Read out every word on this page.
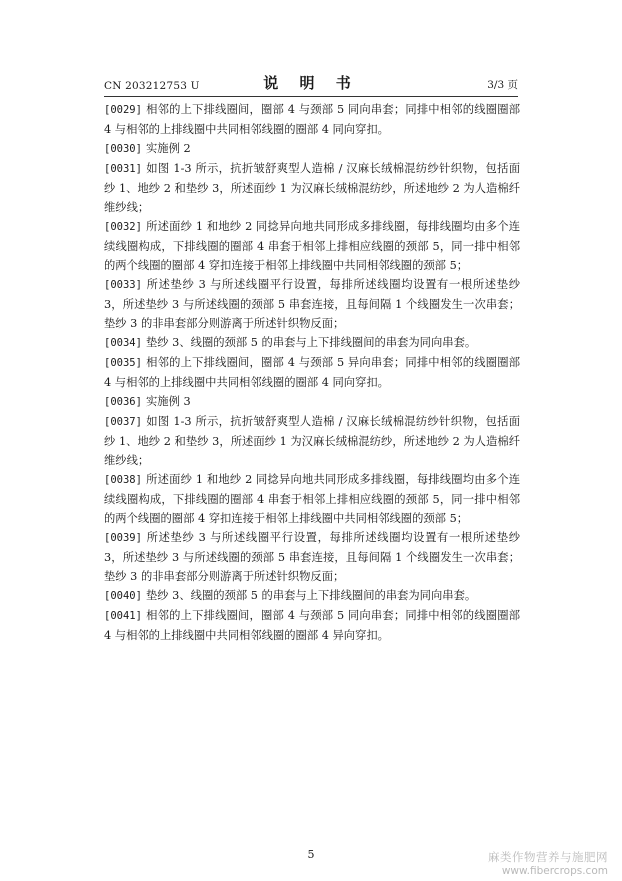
CN 203212753 U	说 明 书	3/3 页

[0029] 相邻的上下排线圈间，圈部 4 与颈部 5 同向串套；同排中相邻的线圈圈部 4 与相邻的上排线圈中共同相邻线圈的圈部 4 同向穿扣。

[0030] 实施例 2

[0031] 如图 1-3 所示，抗折皱舒爽型人造棉 / 汉麻长绒棉混纺纱针织物，包括面纱 1、地纱 2 和垫纱 3，所述面纱 1 为汉麻长绒棉混纺纱，所述地纱 2 为人造棉纤维纱线；

[0032] 所述面纱 1 和地纱 2 同捻异向地共同形成多排线圈，每排线圈均由多个连续线圈构成，下排线圈的圈部 4 串套于相邻上排相应线圈的颈部 5，同一排中相邻的两个线圈的圈部 4 穿扣连接于相邻上排线圈中共同相邻线圈的颈部 5；

[0033] 所述垫纱 3 与所述线圈平行设置，每排所述线圈均设置有一根所述垫纱 3，所述垫纱 3 与所述线圈的颈部 5 串套连接，且每间隔 1 个线圈发生一次串套；垫纱 3 的非串套部分则游离于所述针织物反面；

[0034] 垫纱 3、线圈的颈部 5 的串套与上下排线圈间的串套为同向串套。

[0035] 相邻的上下排线圈间，圈部 4 与颈部 5 异向串套；同排中相邻的线圈圈部 4 与相邻的上排线圈中共同相邻线圈的圈部 4 同向穿扣。

[0036] 实施例 3

[0037] 如图 1-3 所示，抗折皱舒爽型人造棉 / 汉麻长绒棉混纺纱针织物，包括面纱 1、地纱 2 和垫纱 3，所述面纱 1 为汉麻长绒棉混纺纱，所述地纱 2 为人造棉纤维纱线；

[0038] 所述面纱 1 和地纱 2 同捻异向地共同形成多排线圈，每排线圈均由多个连续线圈构成，下排线圈的圈部 4 串套于相邻上排相应线圈的颈部 5，同一排中相邻的两个线圈的圈部 4 穿扣连接于相邻上排线圈中共同相邻线圈的颈部 5；

[0039] 所述垫纱 3 与所述线圈平行设置，每排所述线圈均设置有一根所述垫纱 3，所述垫纱 3 与所述线圈的颈部 5 串套连接，且每间隔 1 个线圈发生一次串套；垫纱 3 的非串套部分则游离于所述针织物反面；

[0040] 垫纱 3、线圈的颈部 5 的串套与上下排线圈间的串套为同向串套。

[0041] 相邻的上下排线圈间，圈部 4 与颈部 5 同向串套；同排中相邻的线圈圈部 4 与相邻的上排线圈中共同相邻线圈的圈部 4 异向穿扣。

5	麻类作物营养与施肥网
www.fibercrops.com
